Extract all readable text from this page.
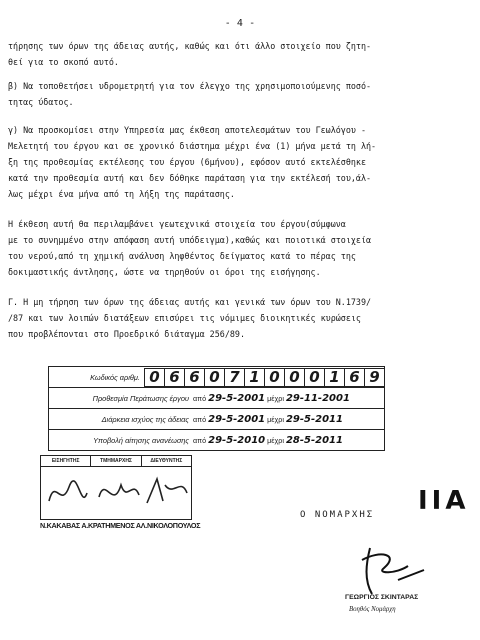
- 4 -
τήρησης των όρων της άδειας αυτής, καθώς και ότι άλλο στοιχείο που ζητη-
θεί για το σκοπό αυτό.
β) Να τοποθετήσει υδρομετρητή για τον έλεγχο της χρησιμοποιούμενης ποσό-
τητας ύδατος.
γ) Να προσκομίσει στην Υπηρεσία μας έκθεση αποτελεσμάτων του Γεωλόγου -
Μελετητή του έργου και σε χρονικό διάστημα μέχρι ένα (1) μήνα μετά τη λή-
ξη της προθεσμίας εκτέλεσης του έργου (6μήνου), εφόσον αυτό εκτελέσθηκε
κατά την προθεσμία αυτή και δεν δόθηκε παράταση για την εκτέλεσή του,άλ-
λως μέχρι ένα μήνα από τη λήξη της παράτασης.
Η έκθεση αυτή θα περιλαμβάνει γεωτεχνικά στοιχεία του έργου(σύμφωνα
με το συνημμένο στην απόφαση αυτή υπόδειγμα),καθώς και ποιοτικά στοιχεία
του νερού,από τη χημική ανάλυση ληφθέντος δείγματος κατά το πέρας της
δοκιμαστικής άντλησης, ώστε να τηρηθούν οι όροι της εισήγησης.
Γ. Η μη τήρηση των όρων της άδειας αυτής και γενικά των όρων του Ν.1739/
/87 και των λοιπών διατάξεων επισύρει τις νόμιμες διοικητικές κυρώσεις
που προβλέπονται στο Προεδρικό διάταγμα 256/89.
Κωδικός αριθμ. 0 6 6 0 7 1 0 0 0 1 6 9
Προθεσμία Περάτωσης έργου από 29-5-2001 μέχρι 29-11-2001
Διάρκεια ισχύος της άδειας από 29-5-2001 μέχρι 29-5-2011
Υποβολή αίτησης ανανέωσης από 29-5-2010 μέχρι 28-5-2011
ΕΙΣΗΓΗΤΗΣ	ΤΜΗΜΑΡΧΗΣ	ΔΙΕΥΘΥΝΤΗΣ
Ν.ΚΑΚΑΒΑΣ Α.ΚΡΑΤΗΜΕΝΟΣ ΑΛ.ΝΙΚΟΛΟΠΟΥΛΟΣ
Ο ΝΟΜΑΡΧΗΣ ΙΙΑ
ΓΕΩΡΓΙΟΣ ΣΚΙΝΤΑΡΑΣ
Βοηθός Νομάρχη
